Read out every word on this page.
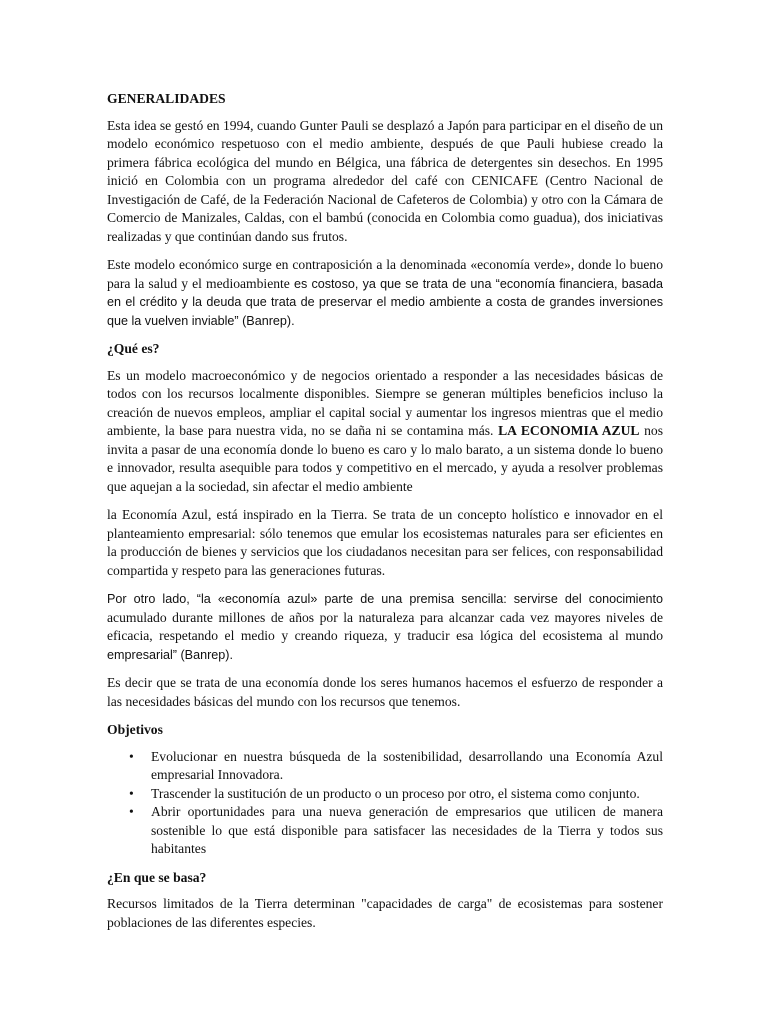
GENERALIDADES

Esta idea se gestó en 1994, cuando Gunter Pauli se desplazó a Japón para participar en el diseño de un modelo económico respetuoso con el medio ambiente, después de que Pauli hubiese creado la primera fábrica ecológica del mundo en Bélgica, una fábrica de detergentes sin desechos. En 1995 inició en Colombia con un programa alrededor del café con CENICAFE (Centro Nacional de Investigación de Café, de la Federación Nacional de Cafeteros de Colombia) y otro con la Cámara de Comercio de Manizales, Caldas, con el bambú (conocida en Colombia como guadua), dos iniciativas realizadas y que continúan dando sus frutos.

Este modelo económico surge en contraposición a la denominada «economía verde», donde lo bueno para la salud y el medioambiente es costoso, ya que se trata de una “economía financiera, basada en el crédito y la deuda que trata de preservar el medio ambiente a costa de grandes inversiones que la vuelven inviable” (Banrep).

¿Qué es?

Es un modelo macroeconómico y de negocios orientado a responder a las necesidades básicas de todos con los recursos localmente disponibles. Siempre se generan múltiples beneficios incluso la creación de nuevos empleos, ampliar el capital social y aumentar los ingresos mientras que el medio ambiente, la base para nuestra vida, no se daña ni se contamina más. LA ECONOMIA AZUL nos invita a pasar de una economía donde lo bueno es caro y lo malo barato, a un sistema donde lo bueno e innovador, resulta asequible para todos y competitivo en el mercado, y ayuda a resolver problemas que aquejan a la sociedad, sin afectar el medio ambiente

la Economía Azul, está inspirado en la Tierra. Se trata de un concepto holístico e innovador en el planteamiento empresarial: sólo tenemos que emular los ecosistemas naturales para ser eficientes en la producción de bienes y servicios que los ciudadanos necesitan para ser felices, con responsabilidad compartida y respeto para las generaciones futuras.

Por otro lado, “la «economía azul» parte de una premisa sencilla: servirse del conocimiento acumulado durante millones de años por la naturaleza para alcanzar cada vez mayores niveles de eficacia, respetando el medio y creando riqueza, y traducir esa lógica del ecosistema al mundo empresarial” (Banrep).

Es decir que se trata de una economía donde los seres humanos hacemos el esfuerzo de responder a las necesidades básicas del mundo con los recursos que tenemos.

Objetivos
• Evolucionar en nuestra búsqueda de la sostenibilidad, desarrollando una Economía Azul empresarial Innovadora.
• Trascender la sustitución de un producto o un proceso por otro, el sistema como conjunto.
• Abrir oportunidades para una nueva generación de empresarios que utilicen de manera sostenible lo que está disponible para satisfacer las necesidades de la Tierra y todos sus habitantes
¿En que se basa?

Recursos limitados de la Tierra determinan "capacidades de carga" de ecosistemas para sostener poblaciones de las diferentes especies.
